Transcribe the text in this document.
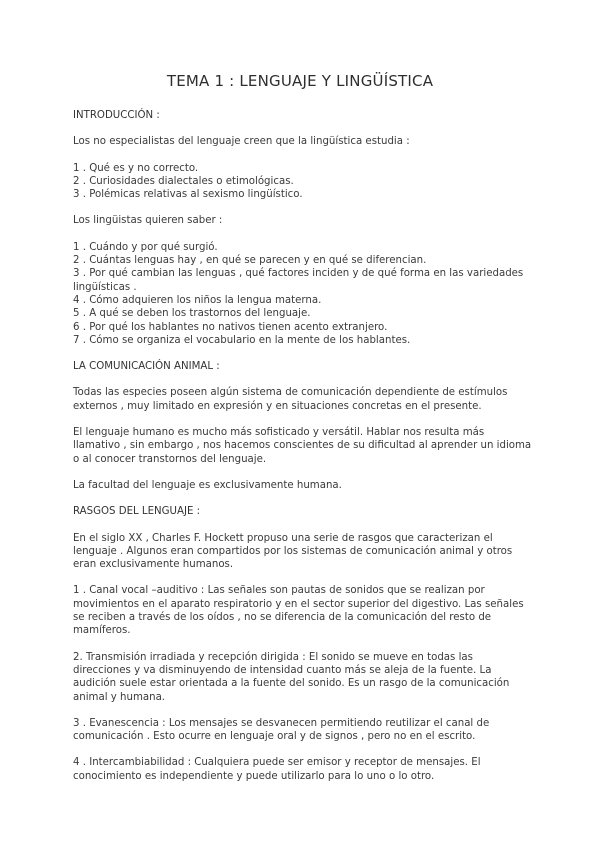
TEMA 1 : LENGUAJE Y LINGÜÍSTICA

INTRODUCCIÓN :

Los no especialistas del lenguaje creen que la lingüística estudia :

1 . Qué es y no correcto.

2 . Curiosidades dialectales o etimológicas.

3 . Polémicas relativas al sexismo lingüístico.

Los lingüistas quieren saber :

1 . Cuándo y por qué surgió.

2 . Cuántas lenguas hay , en qué se parecen y en qué se diferencian.

3 . Por qué cambian las lenguas , qué factores inciden y de qué forma en las variedades lingüísticas .

4 . Cómo adquieren los niños la lengua materna.

5 . A qué se deben los trastornos del lenguaje.

6 . Por qué los hablantes no nativos tienen acento extranjero.

7 . Cómo se organiza el vocabulario en la mente de los hablantes.

LA COMUNICACIÓN ANIMAL :

Todas las especies poseen algún sistema de comunicación dependiente de estímulos externos , muy limitado en expresión y en situaciones concretas en el presente.

El lenguaje humano es mucho más sofisticado y versátil. Hablar nos resulta más llamativo , sin embargo , nos hacemos conscientes de su dificultad al aprender un idioma o al conocer transtornos del lenguaje.

La facultad del lenguaje es exclusivamente humana.

RASGOS DEL LENGUAJE :

En el siglo XX , Charles F. Hockett propuso una serie de rasgos que caracterizan el lenguaje . Algunos eran compartidos por los sistemas de comunicación animal y otros eran exclusivamente humanos.

1 . Canal vocal –auditivo : Las señales son pautas de sonidos que se realizan por movimientos en el aparato respiratorio y en el sector superior del digestivo. Las señales se reciben a través de los oídos , no se diferencia de la comunicación del resto de mamíferos.

2. Transmisión irradiada y recepción dirigida : El sonido se mueve en todas las direcciones y va disminuyendo de intensidad cuanto más se aleja de la fuente. La audición suele estar orientada a la fuente del sonido. Es un rasgo de la comunicación animal y humana.

3 . Evanescencia : Los mensajes se desvanecen permitiendo reutilizar el canal de comunicación . Esto ocurre en lenguaje oral y de signos , pero no en el escrito.

4 . Intercambiabilidad : Cualquiera puede ser emisor y receptor de mensajes. El conocimiento es independiente y puede utilizarlo para lo uno o lo otro.
